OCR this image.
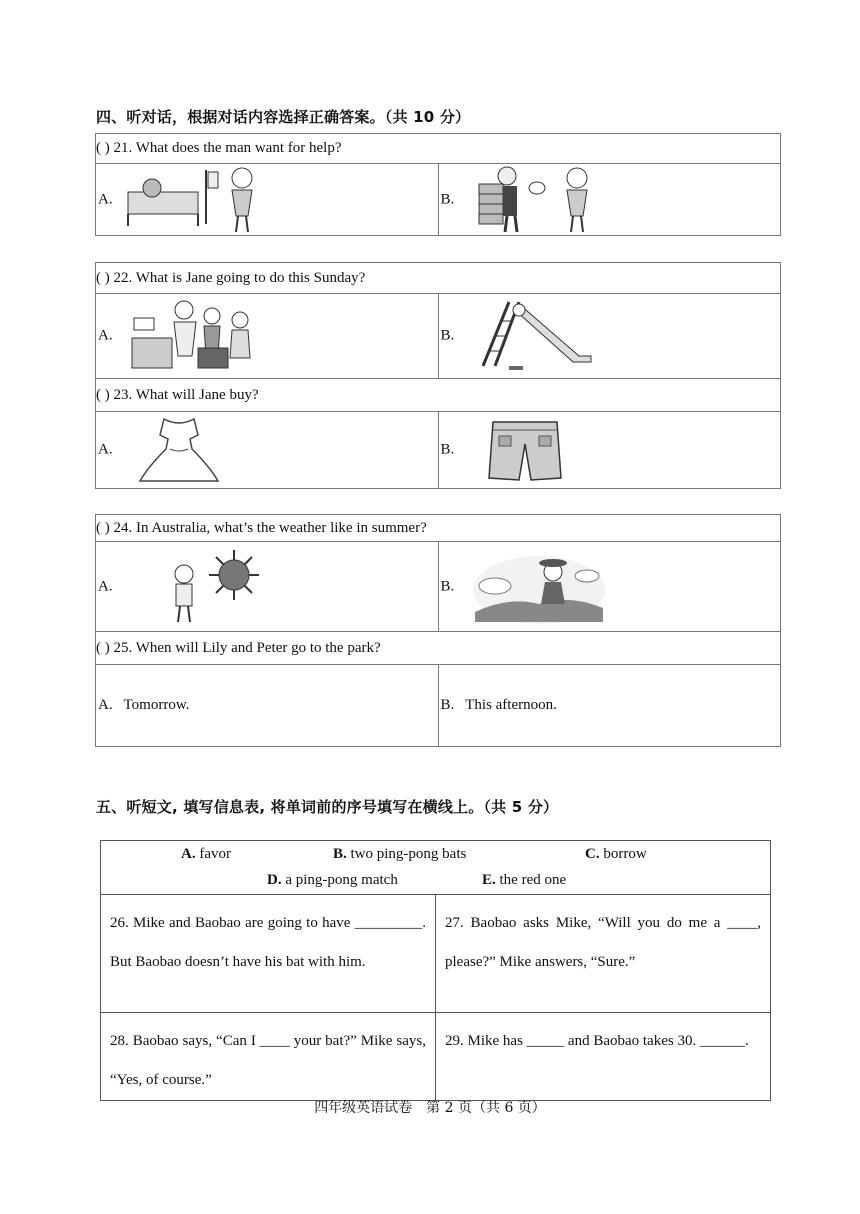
四、听对话，根据对话内容选择正确答案。（共 10 分）
( ) 21. What does the man want for help?

A.	B.
( ) 22. What is Jane going to do this Sunday?	

A.	B.

( ) 23. What will Jane buy?	

A.	B.
( ) 24. In Australia, what’s the weather like in summer?	

A.	B.

( ) 25. When will Lily and Peter go to the park?	
A.   Tomorrow.	B.   This afternoon.
五、听短文, 填写信息表, 将单词前的序号填写在横线上。（共 5 分）
A. favor B. two ping-pong bats C. borrow
D. a ping-pong match E. the red one	

26. Mike and Baobao are going to have _________. But Baobao doesn’t have his bat with him.	27. Baobao asks Mike, “Will you do me a ____, please?” Mike answers, “Sure.”
28. Baobao says, “Can I ____ your bat?” Mike says, “Yes, of course.”	29. Mike has _____ and Baobao takes 30. ______.
四年级英语试卷　第 2 页（共 6 页）
